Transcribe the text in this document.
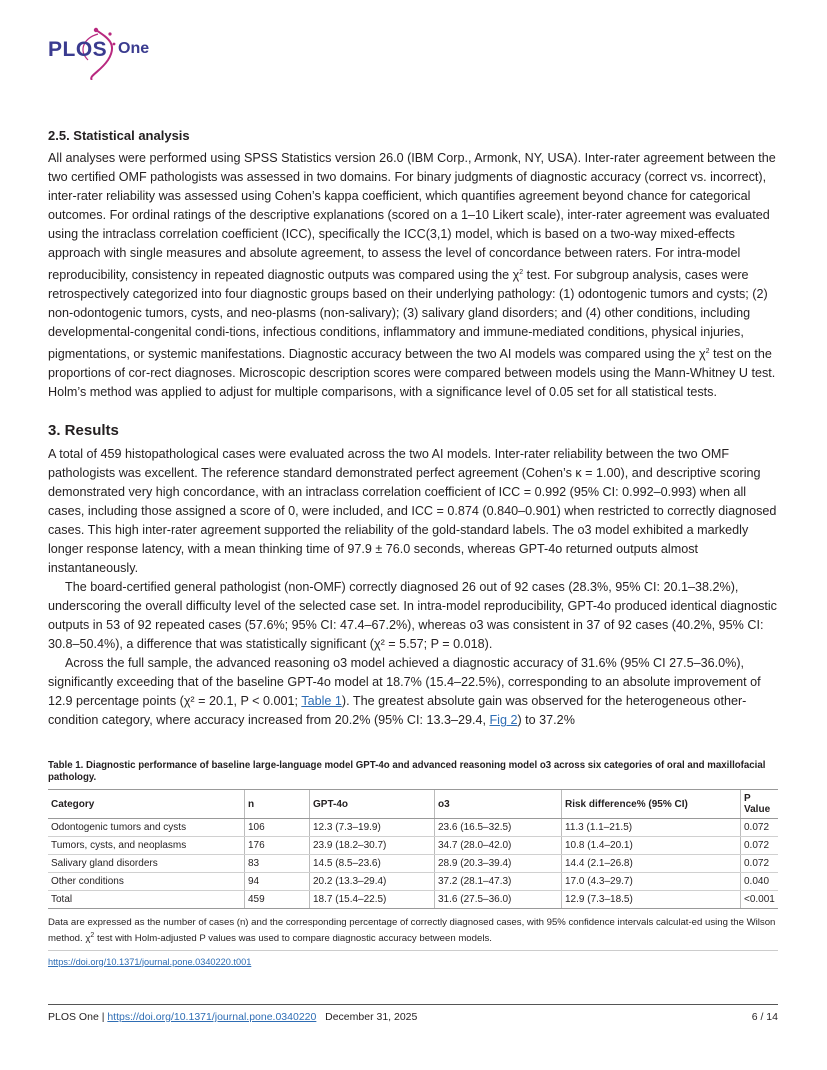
PLOS One
2.5. Statistical analysis

All analyses were performed using SPSS Statistics version 26.0 (IBM Corp., Armonk, NY, USA). Inter-rater agreement between the two certified OMF pathologists was assessed in two domains. For binary judgments of diagnostic accuracy (correct vs. incorrect), inter-rater reliability was assessed using Cohen’s kappa coefficient, which quantifies agreement beyond chance for categorical outcomes. For ordinal ratings of the descriptive explanations (scored on a 1–10 Likert scale), inter-rater agreement was evaluated using the intraclass correlation coefficient (ICC), specifically the ICC(3,1) model, which is based on a two-way mixed-effects approach with single measures and absolute agreement, to assess the level of concordance between raters. For intra-model reproducibility, consistency in repeated diagnostic outputs was compared using the $\chi^2$ test. For subgroup analysis, cases were retrospectively categorized into four diagnostic groups based on their underlying pathology: (1) odontogenic tumors and cysts; (2) non-odontogenic tumors, cysts, and neo-plasms (non-salivary); (3) salivary gland disorders; and (4) other conditions, including developmental-congenital condi-tions, infectious conditions, inflammatory and immune-mediated conditions, physical injuries, pigmentations, or systemic manifestations. Diagnostic accuracy between the two AI models was compared using the $\chi^2$ test on the proportions of cor-rect diagnoses. Microscopic description scores were compared between models using the Mann-Whitney U test. Holm’s method was applied to adjust for multiple comparisons, with a significance level of 0.05 set for all statistical tests.

3. Results

A total of 459 histopathological cases were evaluated across the two AI models. Inter-rater reliability between the two OMF pathologists was excellent. The reference standard demonstrated perfect agreement (Cohen’s κ = 1.00), and descriptive scoring demonstrated very high concordance, with an intraclass correlation coefficient of ICC = 0.992 (95% CI: 0.992–0.993) when all cases, including those assigned a score of 0, were included, and ICC = 0.874 (0.840–0.901) when restricted to correctly diagnosed cases. This high inter-rater agreement supported the reliability of the gold-standard labels. The o3 model exhibited a markedly longer response latency, with a mean thinking time of 97.9 ± 76.0 seconds, whereas GPT-4o returned outputs almost instantaneously.

The board-certified general pathologist (non-OMF) correctly diagnosed 26 out of 92 cases (28.3%, 95% CI: 20.1–38.2%), underscoring the overall difficulty level of the selected case set. In intra-model reproducibility, GPT-4o produced identical diagnostic outputs in 53 of 92 repeated cases (57.6%; 95% CI: 47.4–67.2%), whereas o3 was consistent in 37 of 92 cases (40.2%, 95% CI: 30.8–50.4%), a difference that was statistically significant (χ² = 5.57; P = 0.018).

Across the full sample, the advanced reasoning o3 model achieved a diagnostic accuracy of 31.6% (95% CI 27.5–36.0%), significantly exceeding that of the baseline GPT-4o model at 18.7% (15.4–22.5%), corresponding to an absolute improvement of 12.9 percentage points (χ² = 20.1, P < 0.001; Table 1). The greatest absolute gain was observed for the heterogeneous other-condition category, where accuracy increased from 20.2% (95% CI: 13.3–29.4, Fig 2) to 37.2%

Table 1. Diagnostic performance of baseline large-language model GPT-4o and advanced reasoning model o3 across six categories of oral and maxillofacial pathology.
Category	n	GPT-4o	o3	Risk difference% (95% CI)	P Value
Odontogenic tumors and cysts	106	12.3 (7.3–19.9)	23.6 (16.5–32.5)	11.3 (1.1–21.5)	0.072
Tumors, cysts, and neoplasms	176	23.9 (18.2–30.7)	34.7 (28.0–42.0)	10.8 (1.4–20.1)	0.072
Salivary gland disorders	83	14.5 (8.5–23.6)	28.9 (20.3–39.4)	14.4 (2.1–26.8)	0.072
Other conditions	94	20.2 (13.3–29.4)	37.2 (28.1–47.3)	17.0 (4.3–29.7)	0.040
Total	459	18.7 (15.4–22.5)	31.6 (27.5–36.0)	12.9 (7.3–18.5)	<0.001
Data are expressed as the number of cases (n) and the corresponding percentage of correctly diagnosed cases, with 95% confidence intervals calculat-ed using the Wilson method. $\chi^2$ test with Holm-adjusted P values was used to compare diagnostic accuracy between models.
https://doi.org/10.1371/journal.pone.0340220.t001
PLOS One | https://doi.org/10.1371/journal.pone.0340220 December 31, 2025	6 / 14
